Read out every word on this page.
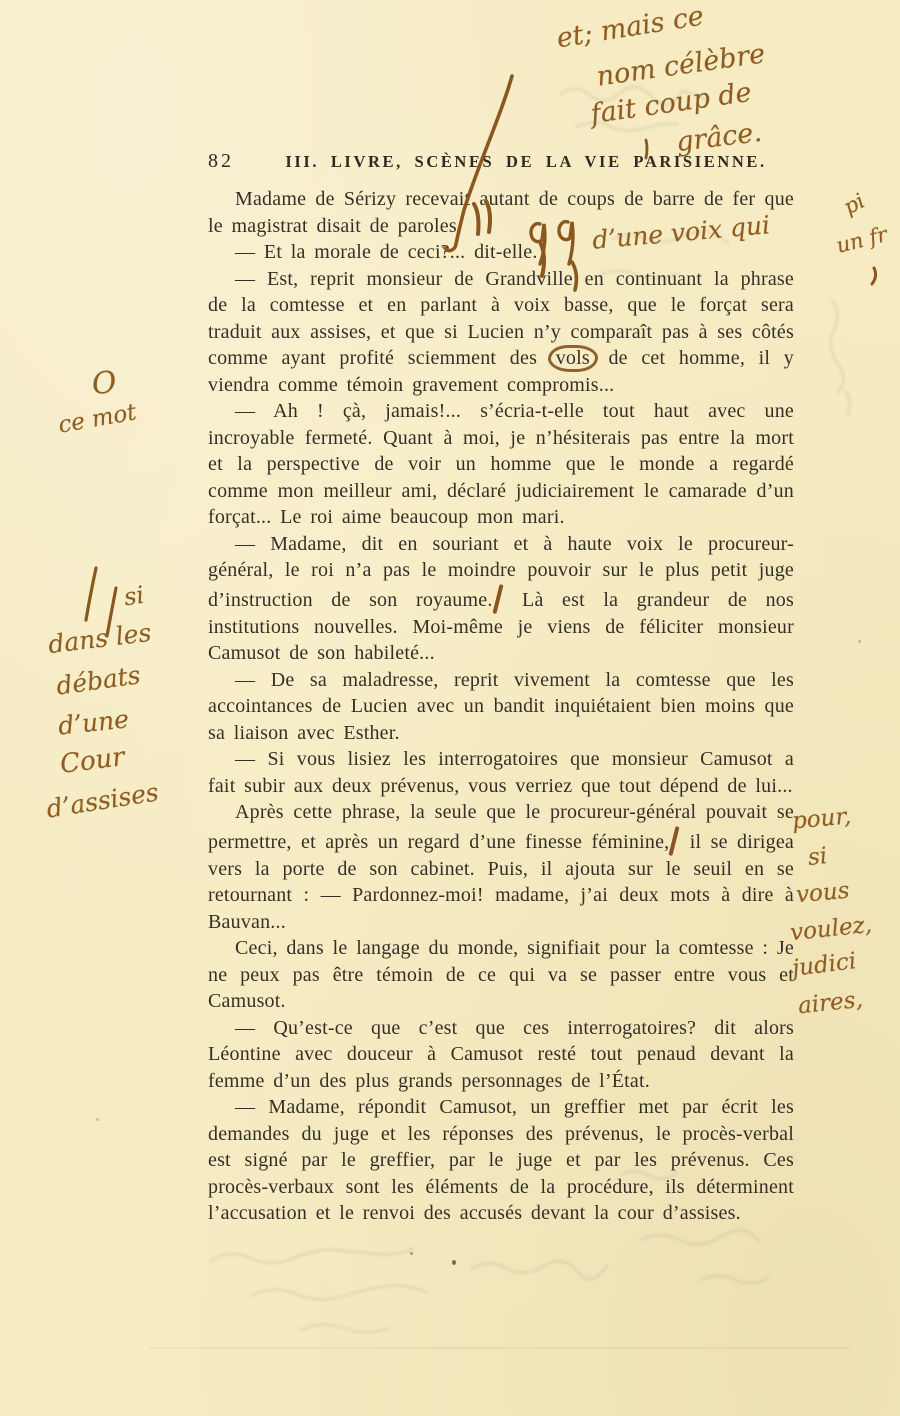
82	III. LIVRE, SCÈNES DE LA VIE PARISIENNE.

Madame de Sérizy recevait autant de coups de barre de fer que le magistrat disait de paroles.

— Et la morale de ceci?... dit-elle.

— Est, reprit monsieur de Grandville en continuant la phrase de la comtesse et en parlant à voix basse, que le forçat sera traduit aux assises, et que si Lucien n’y comparaît pas à ses côtés comme ayant profité sciemment des vols de cet homme, il y viendra comme témoin gravement compromis...

— Ah ! çà, jamais!... s’écria-t-elle tout haut avec une incroyable fermeté. Quant à moi, je n’hésiterais pas entre la mort et la perspective de voir un homme que le monde a regardé comme mon meilleur ami, déclaré judiciairement le camarade d’un forçat... Le roi aime beaucoup mon mari.

— Madame, dit en souriant et à haute voix le procureur-général, le roi n’a pas le moindre pouvoir sur le plus petit juge d’instruction de son royaume. Là est la grandeur de nos institutions nouvelles. Moi-même je viens de féliciter monsieur Camusot de son habileté...

— De sa maladresse, reprit vivement la comtesse que les accointances de Lucien avec un bandit inquiétaient bien moins que sa liaison avec Esther.

— Si vous lisiez les interrogatoires que monsieur Camusot a fait subir aux deux prévenus, vous verriez que tout dépend de lui...

Après cette phrase, la seule que le procureur-général pouvait se permettre, et après un regard d’une finesse féminine, il se dirigea vers la porte de son cabinet. Puis, il ajouta sur le seuil en se retournant : — Pardonnez-moi! madame, j’ai deux mots à dire à Bauvan...

Ceci, dans le langage du monde, signifiait pour la comtesse : Je ne peux pas être témoin de ce qui va se passer entre vous et Camusot.

— Qu’est-ce que c’est que ces interrogatoires? dit alors Léontine avec douceur à Camusot resté tout penaud devant la femme d’un des plus grands personnages de l’État.

— Madame, répondit Camusot, un greffier met par écrit les demandes du juge et les réponses des prévenus, le procès-verbal est signé par le greffier, par le juge et par les prévenus. Ces procès-verbaux sont les éléments de la procédure, ils déterminent l’accusation et le renvoi des accusés devant la cour d’assises.

et; mais ce
nom célèbre
fait coup de
grâce.
d’une voix qui
pi
un fr
O
ce mot
si
dans les
débats
d’une
Cour
d’assises	pour,
si
vous
voulez,
judici
aires,
